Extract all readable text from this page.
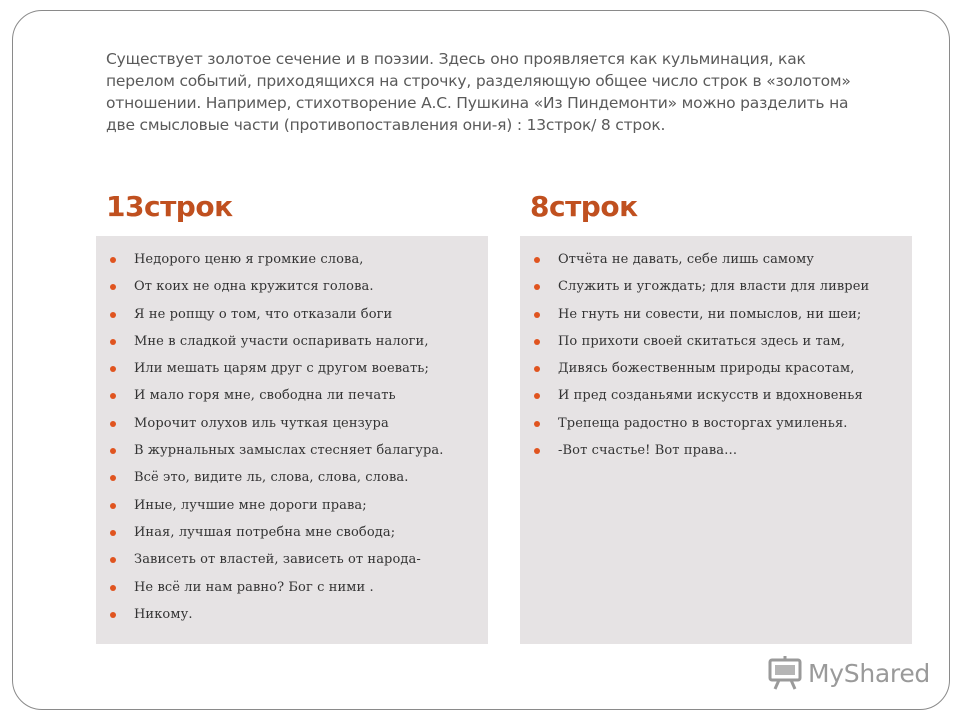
Существует золотое сечение и в поэзии. Здесь оно проявляется как кульминация, как перелом событий, приходящихся на строчку, разделяющую общее число строк в «золотом» отношении. Например, стихотворение А.С. Пушкина «Из Пиндемонти» можно разделить на две смысловые части (противопоставления они-я) : 13строк/ 8 строк.
13строк	8строк
Недорого ценю я громкие слова,
От коих не одна кружится голова.
Я не ропщу о том, что отказали боги
Мне в сладкой участи оспаривать налоги,
Или мешать царям друг с другом воевать;
И мало горя мне, свободна ли печать
Морочит олухов иль чуткая цензура
В журнальных замыслах стесняет балагура.
Всё это, видите ль, слова, слова, слова.
Иные, лучшие мне дороги права;
Иная, лучшая потребна мне свобода;
Зависеть от властей, зависеть от народа-
Не всё ли нам равно? Бог с ними .
Никому.
Отчёта не давать, себе лишь самому
Служить и угождать; для власти для ливреи
Не гнуть ни совести, ни помыслов, ни шеи;
По прихоти своей скитаться здесь и там,
Дивясь божественным природы красотам,
И пред созданьями искусств и вдохновенья
Трепеща радостно в восторгах умиленья.
-Вот счастье! Вот права…
MyShared
